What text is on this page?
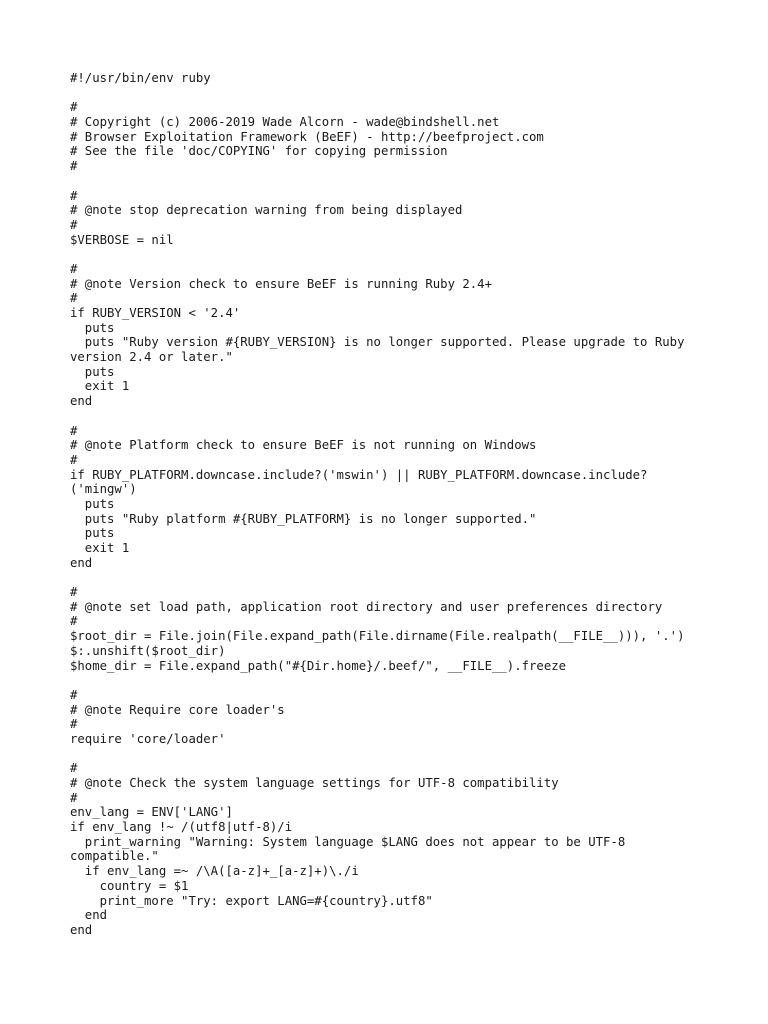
#!/usr/bin/env ruby
#
# Copyright (c) 2006-2019 Wade Alcorn - wade@bindshell.net
# Browser Exploitation Framework (BeEF) - http://beefproject.com
# See the file 'doc/COPYING' for copying permission
#
#
# @note stop deprecation warning from being displayed
#
$VERBOSE = nil
#
# @note Version check to ensure BeEF is running Ruby 2.4+
#
if RUBY_VERSION < '2.4'
puts
puts "Ruby version #{RUBY_VERSION} is no longer supported. Please upgrade to Ruby
version 2.4 or later."
puts
exit 1
end
#
# @note Platform check to ensure BeEF is not running on Windows
#
if RUBY_PLATFORM.downcase.include?('mswin') || RUBY_PLATFORM.downcase.include?
('mingw')
puts
puts "Ruby platform #{RUBY_PLATFORM} is no longer supported."
puts
exit 1
end
#
# @note set load path, application root directory and user preferences directory
#
$root_dir = File.join(File.expand_path(File.dirname(File.realpath(__FILE__))), '.')
$:.unshift($root_dir)
$home_dir = File.expand_path("#{Dir.home}/.beef/", __FILE__).freeze
#
# @note Require core loader's
#
require 'core/loader'
#
# @note Check the system language settings for UTF-8 compatibility
#
env_lang = ENV['LANG']
if env_lang !~ /(utf8|utf-8)/i
print_warning "Warning: System language $LANG does not appear to be UTF-8
compatible."
if env_lang =~ /\A([a-z]+_[a-z]+)\./i
country = $1
print_more "Try: export LANG=#{country}.utf8"
end
end
